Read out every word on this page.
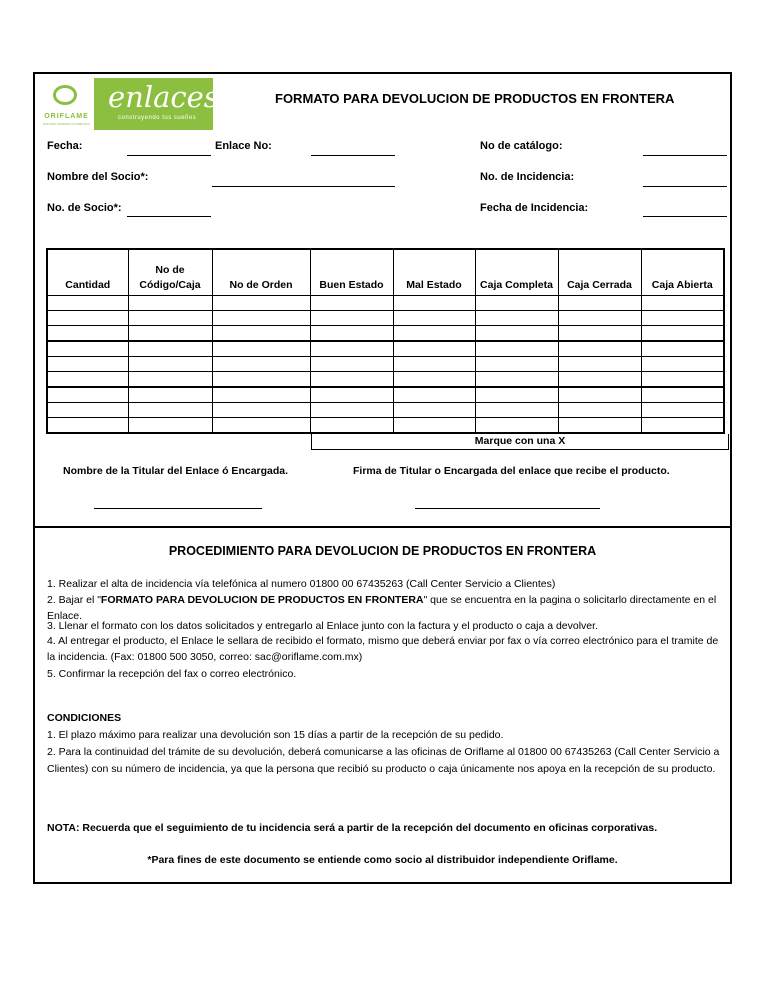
ORIFLAME
NATURAL SWEDISH COSMETICS
enlaces
construyendo tus sueños
FORMATO PARA DEVOLUCION DE PRODUCTOS EN FRONTERA
Fecha:	Enlace No:	No de catálogo:
Nombre del Socio*:	No. de Incidencia:
No. de Socio*:	Fecha de Incidencia:
Cantidad	No de Código/Caja	No de Orden	Buen Estado	Mal Estado	Caja Completa	Caja Cerrada	Caja Abierta

Marque con una X
Nombre de la Titular del Enlace ó Encargada.	Firma de Titular o Encargada del enlace que recibe el producto.
PROCEDIMIENTO PARA DEVOLUCION DE PRODUCTOS EN FRONTERA
1. Realizar el alta de incidencia vía telefónica al numero 01800 00 67435263 (Call Center Servicio a Clientes)
2. Bajar el "FORMATO PARA DEVOLUCION DE PRODUCTOS EN FRONTERA" que se encuentra en la pagina o solicitarlo directamente en el Enlace.
3. Llenar el formato con los datos solicitados y entregarlo al Enlace junto con la factura y el producto o caja a devolver.
4. Al entregar el producto, el Enlace le sellara de recibido el formato, mismo que deberá enviar por fax o vía correo electrónico para el tramite de la incidencia. (Fax: 01800 500 3050, correo: sac@oriflame.com.mx)
5. Confirmar la recepción del fax o correo electrónico.
CONDICIONES
1. El plazo máximo para realizar una devolución son 15 días a partir de la recepción de su pedido.
2. Para la continuidad del trámite de su devolución, deberá comunicarse a las oficinas de Oriflame al 01800 00 67435263 (Call Center Servicio a Clientes) con su número de incidencia, ya que la persona que recibió su producto o caja únicamente nos apoya en la recepción de su producto.
NOTA: Recuerda que el seguimiento de tu incidencia será a partir de la recepción del documento en oficinas corporativas.
*Para fines de este documento se entiende como socio al distribuidor independiente Oriflame.
